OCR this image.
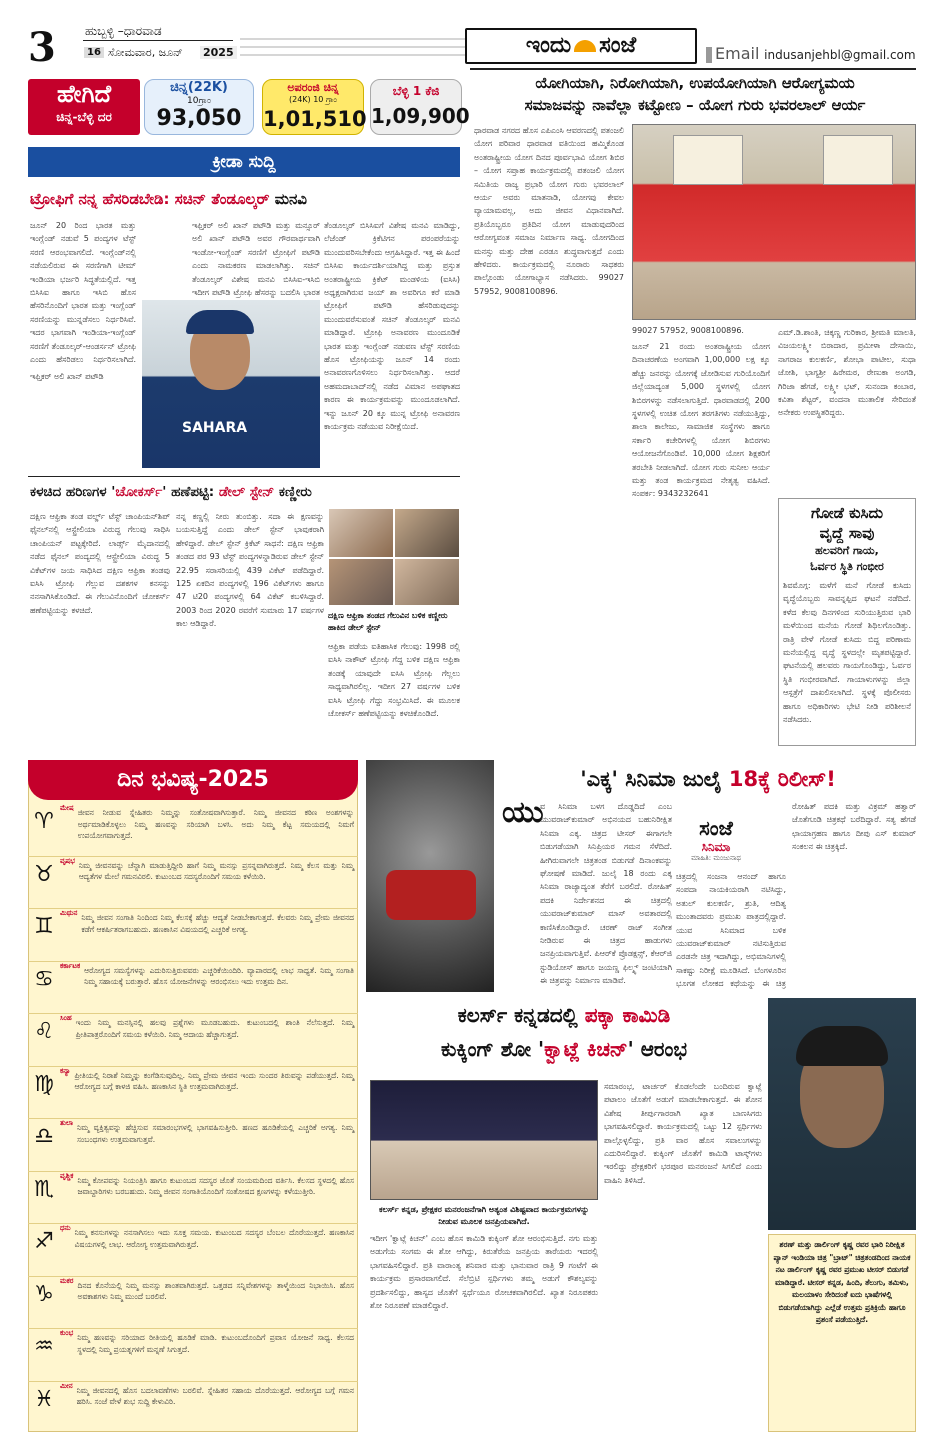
3 ಹುಬ್ಬಳ್ಳಿ –ಧಾರವಾಡ
16 ಸೋಮವಾರ, ಜೂನ್ 2025	ಇಂದು ಸಂಜೆ	Email indusanjehbl@gmail.com
ಹೇಗಿದೆ
ಚಿನ್ನ-ಬೆಳ್ಳಿ ದರ
ಚಿನ್ನ(22K)
10ಗ್ರಾಂ
93,050
ಅಪರಂಜಿ ಚಿನ್ನ
(24K) 10 ಗ್ರಾಂ
1,01,510
ಬೆಳ್ಳಿ 1 ಕೆಜಿ
1,09,900
ಕ್ರೀಡಾ ಸುದ್ದಿ
ಟ್ರೋಫಿಗೆ ನನ್ನ ಹೆಸರಿಡಬೇಡಿ: ಸಚಿನ್ ತೆಂಡೂಲ್ಕರ್ ಮನವಿ
ಜೂನ್ 20 ರಿಂದ ಭಾರತ ಮತ್ತು ಇಂಗ್ಲೆಂಡ್ ನಡುವೆ 5 ಪಂದ್ಯಗಳ ಟೆಸ್ಟ್ ಸರಣಿ ಆರಂಭವಾಗಲಿದೆ. ಇಂಗ್ಲೆಂಡ್‌ನಲ್ಲಿ ನಡೆಯಲಿರುವ ಈ ಸರಣಿಗಾಗಿ ಟೀಮ್ ಇಂಡಿಯಾ ಭರ್ಜರಿ ಸಿದ್ಧತೆಯಲ್ಲಿದೆ. ಇತ್ತ ಬಿಸಿಸಿಐ ಹಾಗೂ ಇಸಿಬಿ ಹೊಸ ಹೆಸರಿನೊಂದಿಗೆ ಭಾರತ ಮತ್ತು ಇಂಗ್ಲೆಂಡ್ ಸರಣಿಯನ್ನು ಮುನ್ನಡೆಸಲು ನಿರ್ಧರಿಸಿವೆ. ಇದರ ಭಾಗವಾಗಿ ಇಂಡಿಯಾ-ಇಂಗ್ಲೆಂಡ್ ಸರಣಿಗೆ ತೆಂಡೂಲ್ಕರ್-ಆಂಡರ್ಸನ್ ಟ್ರೋಫಿ ಎಂದು ಹೆಸರಿಡಲು ನಿರ್ಧರಿಸಲಾಗಿದೆ.
ಇಫ್ತಿಕರ್ ಅಲಿ ಖಾನ್ ಪಟೌಡಿ ಮತ್ತು ಮನ್ಸೂರ್ ಅಲಿ ಖಾನ್ ಪಟೌಡಿ ಅವರ ಗೌರವಾರ್ಥವಾಗಿ ಇಂಡೋ-ಇಂಗ್ಲೆಂಡ್ ಸರಣಿಗೆ ಟ್ರೋಫಿಗೆ ಪಟೌಡಿ ಎಂದು ನಾಮಕರಣ ಮಾಡಲಾಗಿತ್ತು. ಸಚಿನ್ ತೆಂಡೂಲ್ಕರ್ ವಿಶೇಷ ಮನವಿ ಬಿಸಿಸಿಐ-ಇಸಿಬಿ ಇದೀಗ ಪಟೌಡಿ ಟ್ರೋಫಿ ಹೆಸರನ್ನು ಬದಲಿಸಿ ಭಾರತ
ತೆಂಡೂಲ್ಕರ್ ಬಿಸಿಸಿಐಗೆ ವಿಶೇಷ ಮನವಿ ಮಾಡಿದ್ದು, ಲೆಜೆಂಡ್ ಕ್ರಿಕೆಟಿಗನ ಪರಂಪರೆಯನ್ನು ಮುಂದುವರಿಸಬೇಕೆಂದು ಆಗ್ರಹಿಸಿದ್ದಾರೆ. ಇತ್ತ ಈ ಹಿಂದೆ ಬಿಸಿಸಿಐ ಕಾರ್ಯದರ್ಶಿಯಾಗಿದ್ದ ಮತ್ತು ಪ್ರಸ್ತುತ ಅಂತರಾಷ್ಟ್ರೀಯ ಕ್ರಿಕೆಟ್ ಮಂಡಳಿಯ (ಐಸಿಸಿ) ಅಧ್ಯಕ್ಷರಾಗಿರುವ ಜಯ್ ಶಾ ಅವರಿಗೂ ಕರೆ ಮಾಡಿ ಟ್ರೋಫಿಗೆ ಪಟೌಡಿ ಹೆಸರಿಡುವುದನ್ನು ಮುಂದುವರೆಸುವಂತೆ ಸಚಿನ್ ತೆಂಡೂಲ್ಕರ್ ಮನವಿ ಮಾಡಿದ್ದಾರೆ. ಟ್ರೋಫಿ ಅನಾವರಣ ಮುಂದೂಡಿಕೆ ಭಾರತ ಮತ್ತು ಇಂಗ್ಲೆಂಡ್ ನಡುವಣ ಟೆಸ್ಟ್ ಸರಣಿಯ ಹೊಸ ಟ್ರೋಫಿಯನ್ನು ಜೂನ್ 14 ರಂದು ಅನಾವರಣಗೊಳಿಸಲು ನಿರ್ಧರಿಸಲಾಗಿತ್ತು. ಆದರೆ ಅಹಮದಾಬಾದ್‌ನಲ್ಲಿ ನಡೆದ ವಿಮಾನ ಅಪಘಾತದ ಕಾರಣ ಈ ಕಾರ್ಯಕ್ರಮವನ್ನು ಮುಂದೂಡಲಾಗಿದೆ. ಇನ್ನು ಜೂನ್ 20 ಕ್ಕೂ ಮುನ್ನ ಟ್ರೋಫಿ ಅನಾವರಣ ಕಾರ್ಯಕ್ರಮ ನಡೆಯುವ ನಿರೀಕ್ಷೆಯಿದೆ.
SAHARA
ಇಫ್ತಿಕರ್ ಅಲಿ ಖಾನ್ ಪಟೌಡಿ
ಯೋಗಿಯಾಗಿ, ನಿರೋಗಿಯಾಗಿ, ಉಪಯೋಗಿಯಾಗಿ ಆರೋಗ್ಯಮಯ
ಸಮಾಜವನ್ನು ನಾವೆಲ್ಲಾ ಕಟ್ಟೋಣ – ಯೋಗ ಗುರು ಭವರಲಾಲ್ ಆರ್ಯ
ಧಾರವಾಡ ನಗರದ ಹೊಸ ಎಪಿಎಂಸಿ ಆವರಣದಲ್ಲಿ ಪತಂಜಲಿ ಯೋಗ ಪರಿವಾರ ಧಾರವಾಡ ವತಿಯಿಂದ ಹಮ್ಮಿಕೊಂಡ ಅಂತರಾಷ್ಟ್ರೀಯ ಯೋಗ ದಿನದ ಪೂರ್ವಭಾವಿ ಯೋಗ ಶಿಬಿರ – ಯೋಗ ಸಪ್ತಾಹ ಕಾರ್ಯಕ್ರಮದಲ್ಲಿ ಪತಂಜಲಿ ಯೋಗ ಸಮಿತಿಯ ರಾಜ್ಯ ಪ್ರಭಾರಿ ಯೋಗ ಗುರು ಭವರಲಾಲ್ ಆರ್ಯ ಅವರು ಮಾತನಾಡಿ, ಯೋಗವು ಕೇವಲ ವ್ಯಾಯಾಮವಲ್ಲ, ಅದು ಜೀವನ ವಿಧಾನವಾಗಿದೆ. ಪ್ರತಿಯೊಬ್ಬರೂ ಪ್ರತಿದಿನ ಯೋಗ ಮಾಡುವುದರಿಂದ ಆರೋಗ್ಯವಂತ ಸಮಾಜ ನಿರ್ಮಾಣ ಸಾಧ್ಯ. ಯೋಗದಿಂದ ಮನಸ್ಸು ಮತ್ತು ದೇಹ ಎರಡೂ ಶುದ್ಧವಾಗುತ್ತದೆ ಎಂದು ಹೇಳಿದರು. ಕಾರ್ಯಕ್ರಮದಲ್ಲಿ ನೂರಾರು ಸಾಧಕರು ಪಾಲ್ಗೊಂಡು ಯೋಗಾಭ್ಯಾಸ ನಡೆಸಿದರು. 99027 57952, 9008100896.
99027 57952, 9008100896.
ಜೂನ್ 21 ರಂದು ಅಂತರಾಷ್ಟ್ರೀಯ ಯೋಗ ದಿನಾಚರಣೆಯ ಅಂಗವಾಗಿ 1,00,000 ಲಕ್ಷ ಕ್ಕೂ ಹೆಚ್ಚು ಜನರನ್ನು ಯೋಗಕ್ಕೆ ಜೋಡಿಸುವ ಗುರಿಯೊಂದಿಗೆ ಜಿಲ್ಲೆಯಾದ್ಯಂತ 5,000 ಸ್ಥಳಗಳಲ್ಲಿ ಯೋಗ ಶಿಬಿರಗಳನ್ನು ನಡೆಸಲಾಗುತ್ತಿದೆ. ಧಾರವಾಡದಲ್ಲಿ 200 ಸ್ಥಳಗಳಲ್ಲಿ ಉಚಿತ ಯೋಗ ತರಗತಿಗಳು ನಡೆಯುತ್ತಿದ್ದು, ಶಾಲಾ ಕಾಲೇಜು, ಸಾಮಾಜಿಕ ಸಂಸ್ಥೆಗಳು ಹಾಗೂ ಸರ್ಕಾರಿ ಕಚೇರಿಗಳಲ್ಲಿ ಯೋಗ ಶಿಬಿರಗಳು ಆಯೋಜನೆಗೊಂಡಿವೆ. 10,000 ಯೋಗ ಶಿಕ್ಷಕರಿಗೆ ತರಬೇತಿ ನೀಡಲಾಗಿದೆ. ಯೋಗ ಗುರು ಸುನೀಲ ಆರ್ಯ ಮತ್ತು ತಂಡ ಕಾರ್ಯಕ್ರಮದ ನೇತೃತ್ವ ವಹಿಸಿದೆ. ಸಂಪರ್ಕ: 9343232641
ಎಮ್.ಡಿ.ಶಾಂತಿ, ಚಿಕ್ಕಣ್ಣ ಗುರಿಕಾರ, ಶ್ರೀಮತಿ ಮಾಲತಿ, ವಿಜಯಲಕ್ಷ್ಮೀ ಬಿರಾದಾರ, ಪ್ರಮೀಳಾ ದೇಸಾಯಿ, ನಾಗರಾಜ ಕುಲಕರ್ಣಿ, ಶೋಭಾ ಪಾಟೀಲ, ಸುಧಾ ಜೋಶಿ, ಭಾಗ್ಯಶ್ರೀ ಹಿರೇಮಠ, ರೇಣುಕಾ ಅಂಗಡಿ, ಗಿರಿಜಾ ಹೆಗಡೆ, ಲಕ್ಷ್ಮೀ ಭಟ್, ಸುನಂದಾ ಕಂಬಾರ, ಕವಿತಾ ಶೆಟ್ಟರ್, ವಂದನಾ ಮುತಾಲಿಕ ಸೇರಿದಂತೆ ಅನೇಕರು ಉಪಸ್ಥಿತರಿದ್ದರು.
ಗೋಡೆ ಕುಸಿದು
ವೃದ್ದೆ ಸಾವು
ಹಲವರಿಗೆ ಗಾಯ,
ಓರ್ವರ ಸ್ಥಿತಿ ಗಂಭೀರ
ಶಿವಮೊಗ್ಗ: ಮಳೆಗೆ ಮನೆ ಗೋಡೆ ಕುಸಿದು ವೃದ್ಧೆಯೊಬ್ಬರು ಸಾವನ್ನಪ್ಪಿದ ಘಟನೆ ನಡೆದಿದೆ. ಕಳೆದ ಕೆಲವು ದಿನಗಳಿಂದ ಸುರಿಯುತ್ತಿರುವ ಭಾರಿ ಮಳೆಯಿಂದ ಮನೆಯ ಗೋಡೆ ಶಿಥಿಲಗೊಂಡಿತ್ತು. ರಾತ್ರಿ ವೇಳೆ ಗೋಡೆ ಕುಸಿದು ಬಿದ್ದ ಪರಿಣಾಮ ಮನೆಯಲ್ಲಿದ್ದ ವೃದ್ಧೆ ಸ್ಥಳದಲ್ಲೇ ಮೃತಪಟ್ಟಿದ್ದಾರೆ. ಘಟನೆಯಲ್ಲಿ ಹಲವರು ಗಾಯಗೊಂಡಿದ್ದು, ಓರ್ವರ ಸ್ಥಿತಿ ಗಂಭೀರವಾಗಿದೆ. ಗಾಯಾಳುಗಳನ್ನು ಜಿಲ್ಲಾ ಆಸ್ಪತ್ರೆಗೆ ದಾಖಲಿಸಲಾಗಿದೆ. ಸ್ಥಳಕ್ಕೆ ಪೊಲೀಸರು ಹಾಗೂ ಅಧಿಕಾರಿಗಳು ಭೇಟಿ ನೀಡಿ ಪರಿಶೀಲನೆ ನಡೆಸಿದರು.
ಕಳಚಿದ ಹರಿಣಗಳ 'ಚೋಕರ್ಸ್' ಹಣೆಪಟ್ಟಿ: ಡೇಲ್ ಸ್ಟೇನ್ ಕಣ್ಣೀರು
ದಕ್ಷಿಣ ಆಫ್ರಿಕಾ ತಂಡ ವರ್ಲ್ಡ್ ಟೆಸ್ಟ್ ಚಾಂಪಿಯನ್‌ಶಿಪ್ ಫೈನಲ್‌ನಲ್ಲಿ ಆಸ್ಟ್ರೇಲಿಯಾ ವಿರುದ್ಧ ಗೆಲುವು ಸಾಧಿಸಿ ಚಾಂಪಿಯನ್ ಪಟ್ಟಕ್ಕೇರಿದೆ. ಲಾರ್ಡ್ಸ್ ಮೈದಾನದಲ್ಲಿ ನಡೆದ ಫೈನಲ್ ಪಂದ್ಯದಲ್ಲಿ ಆಸ್ಟ್ರೇಲಿಯಾ ವಿರುದ್ಧ 5 ವಿಕೆಟ್‌ಗಳ ಜಯ ಸಾಧಿಸಿದ ದಕ್ಷಿಣ ಆಫ್ರಿಕಾ ತಂಡವು ಐಸಿಸಿ ಟ್ರೋಫಿ ಗೆಲ್ಲುವ ದಶಕಗಳ ಕನಸನ್ನು ನನಸಾಗಿಸಿಕೊಂಡಿದೆ. ಈ ಗೆಲುವಿನೊಂದಿಗೆ ಚೋಕರ್ಸ್ ಹಣೆಪಟ್ಟಿಯನ್ನು ಕಳಚಿದೆ.
ನನ್ನ ಕಣ್ಣಲ್ಲಿ ನೀರು ತುಂಬಿತ್ತು. ಸದಾ ಈ ಕ್ಷಣವನ್ನು ಬಯಸುತ್ತಿದ್ದೆ ಎಂದು ಡೇಲ್ ಸ್ಟೇನ್ ಭಾವುಕರಾಗಿ ಹೇಳಿದ್ದಾರೆ. ಡೇಲ್ ಸ್ಟೇನ್ ಕ್ರಿಕೆಟ್ ಸಾಧನೆ: ದಕ್ಷಿಣ ಆಫ್ರಿಕಾ ತಂಡದ ಪರ 93 ಟೆಸ್ಟ್ ಪಂದ್ಯಗಳನ್ನಾಡಿರುವ ಡೇಲ್ ಸ್ಟೇನ್ 22.95 ಸರಾಸರಿಯಲ್ಲಿ 439 ವಿಕೆಟ್ ಪಡೆದಿದ್ದಾರೆ. 125 ಏಕದಿನ ಪಂದ್ಯಗಳಲ್ಲಿ 196 ವಿಕೆಟ್‌ಗಳು ಹಾಗೂ 47 ಟಿ20 ಪಂದ್ಯಗಳಲ್ಲಿ 64 ವಿಕೆಟ್ ಕಬಳಿಸಿದ್ದಾರೆ. 2003 ರಿಂದ 2020 ರವರೆಗೆ ಸುಮಾರು 17 ವರ್ಷಗಳ ಕಾಲ ಆಡಿದ್ದಾರೆ.
ದಕ್ಷಿಣ ಆಫ್ರಿಕಾ ತಂಡದ ಗೆಲುವಿನ ಬಳಿಕ ಕಣ್ಣೀರು ಹಾಕಿದ ಡೇಲ್ ಸ್ಟೇನ್
ಆಫ್ರಿಕಾ ಪಡೆಯ ಐತಿಹಾಸಿಕ ಗೆಲುವು: 1998 ರಲ್ಲಿ ಐಸಿಸಿ ನಾಕೌಟ್ ಟ್ರೋಫಿ ಗೆದ್ದ ಬಳಿಕ ದಕ್ಷಿಣ ಆಫ್ರಿಕಾ ತಂಡಕ್ಕೆ ಯಾವುದೇ ಐಸಿಸಿ ಟ್ರೋಫಿ ಗೆಲ್ಲಲು ಸಾಧ್ಯವಾಗಿರಲಿಲ್ಲ. ಇದೀಗ 27 ವರ್ಷಗಳ ಬಳಿಕ ಐಸಿಸಿ ಟ್ರೋಫಿ ಗೆದ್ದು ಸಂಭ್ರಮಿಸಿದೆ. ಈ ಮೂಲಕ ಚೋಕರ್ಸ್ ಹಣೆಪಟ್ಟಿಯನ್ನು ಕಳಚಿಕೊಂಡಿದೆ.
ದಿನ ಭವಿಷ್ಯ-2025
♈
ಮೇಷ ಜೀವನ ನೀಡುವ ಸ್ನೇಹಿತರು ನಿಮ್ಮನ್ನು ಸಂತೋಷವಾಗಿಸುತ್ತಾರೆ. ನಿಮ್ಮ ಜೀವನದ ಕಠಿಣ ಅಂಶಗಳನ್ನು ಅರ್ಥಮಾಡಿಕೊಳ್ಳಲು ನಿಮ್ಮ ಹಣವನ್ನು ಸರಿಯಾಗಿ ಬಳಸಿ. ಅದು ನಿಮ್ಮ ಕೆಟ್ಟ ಸಮಯದಲ್ಲಿ ನಿಮಗೆ ಉಪಯೋಗವಾಗುತ್ತದೆ.
♉
ವೃಷಭ ನಿಮ್ಮ ಜೀವನವನ್ನು ಚೆನ್ನಾಗಿ ಮಾಡುತ್ತಿದ್ದೀರಿ ಹಾಗೆ ನಿಮ್ಮ ಮನಸ್ಸು ಪ್ರಸನ್ನವಾಗಿರುತ್ತದೆ. ನಿಮ್ಮ ಕೆಲಸ ಮತ್ತು ನಿಮ್ಮ ಆದ್ಯತೆಗಳ ಮೇಲೆ ಗಮನವಿರಲಿ. ಕುಟುಂಬದ ಸದಸ್ಯರೊಂದಿಗೆ ಸಮಯ ಕಳೆಯಿರಿ.
♊
ಮಿಥುನ ನಿಮ್ಮ ಜೀವನ ಸಂಗಾತಿ ನಿಂದಿಂದ ನಿಮ್ಮ ಕೆಲಸಕ್ಕೆ ಹೆಚ್ಚು ಆದ್ಯತೆ ನೀಡಬೇಕಾಗುತ್ತದೆ. ಕೆಲವರು ನಿಮ್ಮ ಪ್ರೇಮ ಜೀವನದ ಕಡೆಗೆ ಆಕರ್ಷಿತರಾಗಬಹುದು. ಹಣಕಾಸಿನ ವಿಷಯದಲ್ಲಿ ಎಚ್ಚರಿಕೆ ಅಗತ್ಯ.
♋
ಕರ್ಕಾಟಕ ಆರೋಗ್ಯದ ಸಮಸ್ಯೆಗಳನ್ನು ಎದುರಿಸುತ್ತಿರುವವರು ಎಚ್ಚರಿಕೆಯಿಂದಿರಿ. ವ್ಯಾಪಾರದಲ್ಲಿ ಲಾಭ ಸಾಧ್ಯತೆ. ನಿಮ್ಮ ಸಂಗಾತಿ ನಿಮ್ಮ ಸಹಾಯಕ್ಕೆ ಬರುತ್ತಾರೆ. ಹೊಸ ಯೋಜನೆಗಳನ್ನು ಆರಂಭಿಸಲು ಇದು ಉತ್ತಮ ದಿನ.
♌
ಸಿಂಹ ಇಂದು ನಿಮ್ಮ ಮನಸ್ಸಿನಲ್ಲಿ ಹಲವು ಪ್ರಶ್ನೆಗಳು ಮೂಡಬಹುದು. ಕುಟುಂಬದಲ್ಲಿ ಶಾಂತಿ ನೆಲೆಸುತ್ತದೆ. ನಿಮ್ಮ ಪ್ರೀತಿಪಾತ್ರರೊಂದಿಗೆ ಸಮಯ ಕಳೆಯಿರಿ. ನಿಮ್ಮ ಆದಾಯ ಹೆಚ್ಚಾಗುತ್ತದೆ.
♍
ಕನ್ಯಾ ಪ್ರೀತಿಯಲ್ಲಿ ನಿರಾಶೆ ನಿಮ್ಮನ್ನು ಕಂಗೆಡಿಸುವುದಿಲ್ಲ. ನಿಮ್ಮ ಪ್ರೇಮ ಜೀವನ ಇಂದು ಸುಂದರ ತಿರುವನ್ನು ಪಡೆಯುತ್ತದೆ. ನಿಮ್ಮ ಆರೋಗ್ಯದ ಬಗ್ಗೆ ಕಾಳಜಿ ವಹಿಸಿ. ಹಣಕಾಸಿನ ಸ್ಥಿತಿ ಉತ್ತಮವಾಗಿರುತ್ತದೆ.
♎
ತುಲಾ ನಿಮ್ಮ ವ್ಯಕ್ತಿತ್ವವನ್ನು ಹೆಚ್ಚಿಸುವ ಸಮಾರಂಭಗಳಲ್ಲಿ ಭಾಗವಹಿಸುತ್ತೀರಿ. ಹಣದ ಹೂಡಿಕೆಯಲ್ಲಿ ಎಚ್ಚರಿಕೆ ಅಗತ್ಯ. ನಿಮ್ಮ ಸಂಬಂಧಗಳು ಉತ್ತಮವಾಗುತ್ತವೆ.
♏
ವೃಶ್ಚಿಕ ನಿಮ್ಮ ಕೋಪವನ್ನು ನಿಯಂತ್ರಿಸಿ ಹಾಗೂ ಕುಟುಂಬದ ಸದಸ್ಯರ ಜೊತೆ ಸಂಯಮದಿಂದ ವರ್ತಿಸಿ. ಕೆಲಸದ ಸ್ಥಳದಲ್ಲಿ ಹೊಸ ಜವಾಬ್ದಾರಿಗಳು ಬರಬಹುದು. ನಿಮ್ಮ ಜೀವನ ಸಂಗಾತಿಯೊಂದಿಗೆ ಸಂತೋಷದ ಕ್ಷಣಗಳನ್ನು ಕಳೆಯುತ್ತೀರಿ.
♐
ಧನು ನಿಮ್ಮ ಕನಸುಗಳನ್ನು ನನಸಾಗಿಸಲು ಇದು ಸೂಕ್ತ ಸಮಯ. ಕುಟುಂಬದ ಸದಸ್ಯರ ಬೆಂಬಲ ದೊರೆಯುತ್ತದೆ. ಹಣಕಾಸಿನ ವಿಷಯಗಳಲ್ಲಿ ಲಾಭ. ಆರೋಗ್ಯ ಉತ್ತಮವಾಗಿರುತ್ತದೆ.
♑
ಮಕರ ದಿನದ ಕೊನೆಯಲ್ಲಿ ನಿಮ್ಮ ಮನಸ್ಸು ಶಾಂತವಾಗಿರುತ್ತದೆ. ಒತ್ತಡದ ಸನ್ನಿವೇಶಗಳನ್ನು ತಾಳ್ಮೆಯಿಂದ ನಿಭಾಯಿಸಿ. ಹೊಸ ಅವಕಾಶಗಳು ನಿಮ್ಮ ಮುಂದೆ ಬರಲಿವೆ.
♒
ಕುಂಭ ನಿಮ್ಮ ಹಣವನ್ನು ಸರಿಯಾದ ರೀತಿಯಲ್ಲಿ ಹೂಡಿಕೆ ಮಾಡಿ. ಕುಟುಂಬದೊಂದಿಗೆ ಪ್ರವಾಸ ಯೋಜನೆ ಸಾಧ್ಯ. ಕೆಲಸದ ಸ್ಥಳದಲ್ಲಿ ನಿಮ್ಮ ಪ್ರಯತ್ನಗಳಿಗೆ ಮನ್ನಣೆ ಸಿಗುತ್ತದೆ.
♓
ಮೀನ ನಿಮ್ಮ ಜೀವನದಲ್ಲಿ ಹೊಸ ಬದಲಾವಣೆಗಳು ಬರಲಿವೆ. ಸ್ನೇಹಿತರ ಸಹಾಯ ದೊರೆಯುತ್ತದೆ. ಆರೋಗ್ಯದ ಬಗ್ಗೆ ಗಮನ ಹರಿಸಿ. ಸಂಜೆ ವೇಳೆ ಶುಭ ಸುದ್ದಿ ಕೇಳುವಿರಿ.
'ಎಕ್ಕ' ಸಿನಿಮಾ ಜುಲೈ 18ಕ್ಕೆ ರಿಲೀಸ್!
ಯು
ವ ಸಿನಿಮಾ ಬಳಗ ದೊಡ್ಡದಿದೆ ಎಂಬ ಯುವರಾಜ್‌ಕುಮಾರ್ ಅಭಿನಯದ ಬಹುನಿರೀಕ್ಷಿತ ಸಿನಿಮಾ ಎಕ್ಕ. ಚಿತ್ರದ ಟೀಸರ್ ಈಗಾಗಲೇ ಬಿಡುಗಡೆಯಾಗಿ ಸಿನಿಪ್ರಿಯರ ಗಮನ ಸೆಳೆದಿದೆ. ಹೀಗಿರುವಾಗಲೇ ಚಿತ್ರತಂಡ ಬಿಡುಗಡೆ ದಿನಾಂಕವನ್ನು ಘೋಷಣೆ ಮಾಡಿದೆ. ಜುಲೈ 18 ರಂದು ಎಕ್ಕ ಸಿನಿಮಾ ರಾಜ್ಯಾದ್ಯಂತ ತೆರೆಗೆ ಬರಲಿದೆ. ರೋಹಿತ್ ಪದಕಿ ನಿರ್ದೇಶನದ ಈ ಚಿತ್ರದಲ್ಲಿ ಯುವರಾಜ್‌ಕುಮಾರ್ ಮಾಸ್ ಅವತಾರದಲ್ಲಿ ಕಾಣಿಸಿಕೊಂಡಿದ್ದಾರೆ. ಚರಣ್ ರಾಜ್ ಸಂಗೀತ ನೀಡಿರುವ ಈ ಚಿತ್ರದ ಹಾಡುಗಳು ಜನಪ್ರಿಯವಾಗುತ್ತಿವೆ. ಪಿಆರ್‌ಕೆ ಪ್ರೊಡಕ್ಷನ್ಸ್, ಕೆಆರ್‌ಜಿ ಸ್ಟುಡಿಯೋಸ್ ಹಾಗೂ ಜಯಣ್ಣ ಫಿಲ್ಮ್ಸ್ ಜಂಟಿಯಾಗಿ ಈ ಚಿತ್ರವನ್ನು ನಿರ್ಮಾಣ ಮಾಡಿವೆ.
ಸಂಜೆ
ಸಿನಿಮಾ
ಮಾಹಿತಿ: ಮಂಜುನಾಥ
ಚಿತ್ರದಲ್ಲಿ ಸಂಜನಾ ಆನಂದ್ ಹಾಗೂ ಸಂಪದಾ ನಾಯಕಿಯರಾಗಿ ನಟಿಸಿದ್ದು, ಅತುಲ್ ಕುಲಕರ್ಣಿ, ಶ್ರುತಿ, ಆದಿತ್ಯ ಮುಂತಾದವರು ಪ್ರಮುಖ ಪಾತ್ರದಲ್ಲಿದ್ದಾರೆ. ಯುವ ಸಿನಿಮಾದ ಬಳಿಕ ಯುವರಾಜ್‌ಕುಮಾರ್ ನಟಿಸುತ್ತಿರುವ ಎರಡನೇ ಚಿತ್ರ ಇದಾಗಿದ್ದು, ಅಭಿಮಾನಿಗಳಲ್ಲಿ ಸಾಕಷ್ಟು ನಿರೀಕ್ಷೆ ಮೂಡಿಸಿದೆ. ಬೆಂಗಳೂರಿನ ಭೂಗತ ಲೋಕದ ಕಥೆಯನ್ನು ಈ ಚಿತ್ರ
ರೋಹಿತ್ ಪದಕಿ ಮತ್ತು ವಿಕ್ರಮ್ ಹತ್ವಾರ್ ಜೊತೆಗೂಡಿ ಚಿತ್ರಕಥೆ ಬರೆದಿದ್ದಾರೆ. ಸತ್ಯ ಹೆಗಡೆ ಛಾಯಾಗ್ರಹಣ ಹಾಗೂ ದೀಪು ಎಸ್ ಕುಮಾರ್ ಸಂಕಲನ ಈ ಚಿತ್ರಕ್ಕಿದೆ.
ಕಲರ್ಸ್ ಕನ್ನಡದಲ್ಲಿ ಪಕ್ಕಾ ಕಾಮಿಡಿ
ಕುಕ್ಕಿಂಗ್ ಶೋ 'ಕ್ವಾಟ್ಲೆ ಕಿಚನ್' ಆರಂಭ
ಕಲರ್ಸ್ ಕನ್ನಡ, ಪ್ರೇಕ್ಷಕರ ಮನರಂಜನೆಗಾಗಿ ಅತ್ಯಂತ ವಿಶಿಷ್ಟವಾದ ಕಾರ್ಯಕ್ರಮಗಳನ್ನು ನೀಡುವ ಮೂಲಕ ಜನಪ್ರಿಯವಾಗಿದೆ.
ಇದೀಗ 'ಕ್ವಾಟ್ಲೆ ಕಿಚನ್' ಎಂಬ ಹೊಸ ಕಾಮಿಡಿ ಕುಕ್ಕಿಂಗ್ ಶೋ ಆರಂಭಿಸುತ್ತಿದೆ. ನಗು ಮತ್ತು ಅಡುಗೆಯ ಸಂಗಮ ಈ ಶೋ ಆಗಿದ್ದು, ಕಿರುತೆರೆಯ ಜನಪ್ರಿಯ ತಾರೆಯರು ಇದರಲ್ಲಿ ಭಾಗವಹಿಸಲಿದ್ದಾರೆ. ಪ್ರತಿ ವಾರಾಂತ್ಯ ಶನಿವಾರ ಮತ್ತು ಭಾನುವಾರ ರಾತ್ರಿ 9 ಗಂಟೆಗೆ ಈ ಕಾರ್ಯಕ್ರಮ ಪ್ರಸಾರವಾಗಲಿದೆ. ಸೆಲೆಬ್ರಿಟಿ ಸ್ಪರ್ಧಿಗಳು ತಮ್ಮ ಅಡುಗೆ ಕೌಶಲ್ಯವನ್ನು ಪ್ರದರ್ಶಿಸಲಿದ್ದು, ಹಾಸ್ಯದ ಜೊತೆಗೆ ಸ್ಪರ್ಧೆಯೂ ರೋಚಕವಾಗಿರಲಿದೆ. ಖ್ಯಾತ ನಿರೂಪಕರು ಶೋ ನಿರೂಪಣೆ ಮಾಡಲಿದ್ದಾರೆ.
ಸಮಾರಂಭ, ಟಾರ್ಚರ್ ಕೊಡಲೆಂದೇ ಬಂದಿರುವ ಕ್ವಾಟ್ಲೆ ಪಟಾಲಂ ಜೊತೆಗೆ ಅಡುಗೆ ಮಾಡಬೇಕಾಗುತ್ತದೆ. ಈ ಶೋನ ವಿಶೇಷ ತೀರ್ಪುಗಾರರಾಗಿ ಖ್ಯಾತ ಬಾಣಸಿಗರು ಭಾಗವಹಿಸಲಿದ್ದಾರೆ. ಕಾರ್ಯಕ್ರಮದಲ್ಲಿ ಒಟ್ಟು 12 ಸ್ಪರ್ಧಿಗಳು ಪಾಲ್ಗೊಳ್ಳಲಿದ್ದು, ಪ್ರತಿ ವಾರ ಹೊಸ ಸವಾಲುಗಳನ್ನು ಎದುರಿಸಲಿದ್ದಾರೆ. ಕುಕ್ಕಿಂಗ್ ಜೊತೆಗೆ ಕಾಮಿಡಿ ಟಾಸ್ಕ್‌ಗಳು ಇರಲಿದ್ದು ಪ್ರೇಕ್ಷಕರಿಗೆ ಭರಪೂರ ಮನರಂಜನೆ ಸಿಗಲಿದೆ ಎಂದು ವಾಹಿನಿ ತಿಳಿಸಿದೆ.
ಶರಣ್ ಮತ್ತು ಡಾರ್ಲಿಂಗ್ ಕೃಷ್ಣ ರವರ ಭಾರಿ ನಿರೀಕ್ಷಿತ ಪ್ಯಾನ್ ಇಂಡಿಯಾ ಚಿತ್ರ "ಬ್ರಾಟ್" ಚಿತ್ರತಂಡದಿಂದ ನಾಯಕ ನಟ ಡಾರ್ಲಿಂಗ್ ಕೃಷ್ಣ ರವರ ಪ್ರಮುಖ ಟೀಸರ್ ಬಿಡುಗಡೆ ಮಾಡಿದ್ದಾರೆ. ಟೀಸರ್ ಕನ್ನಡ, ಹಿಂದಿ, ತೆಲುಗು, ತಮಿಳು, ಮಲಯಾಳಂ ಸೇರಿದಂತೆ ಐದು ಭಾಷೆಗಳಲ್ಲಿ ಬಿಡುಗಡೆಯಾಗಿದ್ದು ಎಲ್ಲೆಡೆ ಉತ್ತಮ ಪ್ರತಿಕ್ರಿಯೆ ಹಾಗೂ ಪ್ರಶಂಸೆ ಪಡೆಯುತ್ತಿದೆ.
